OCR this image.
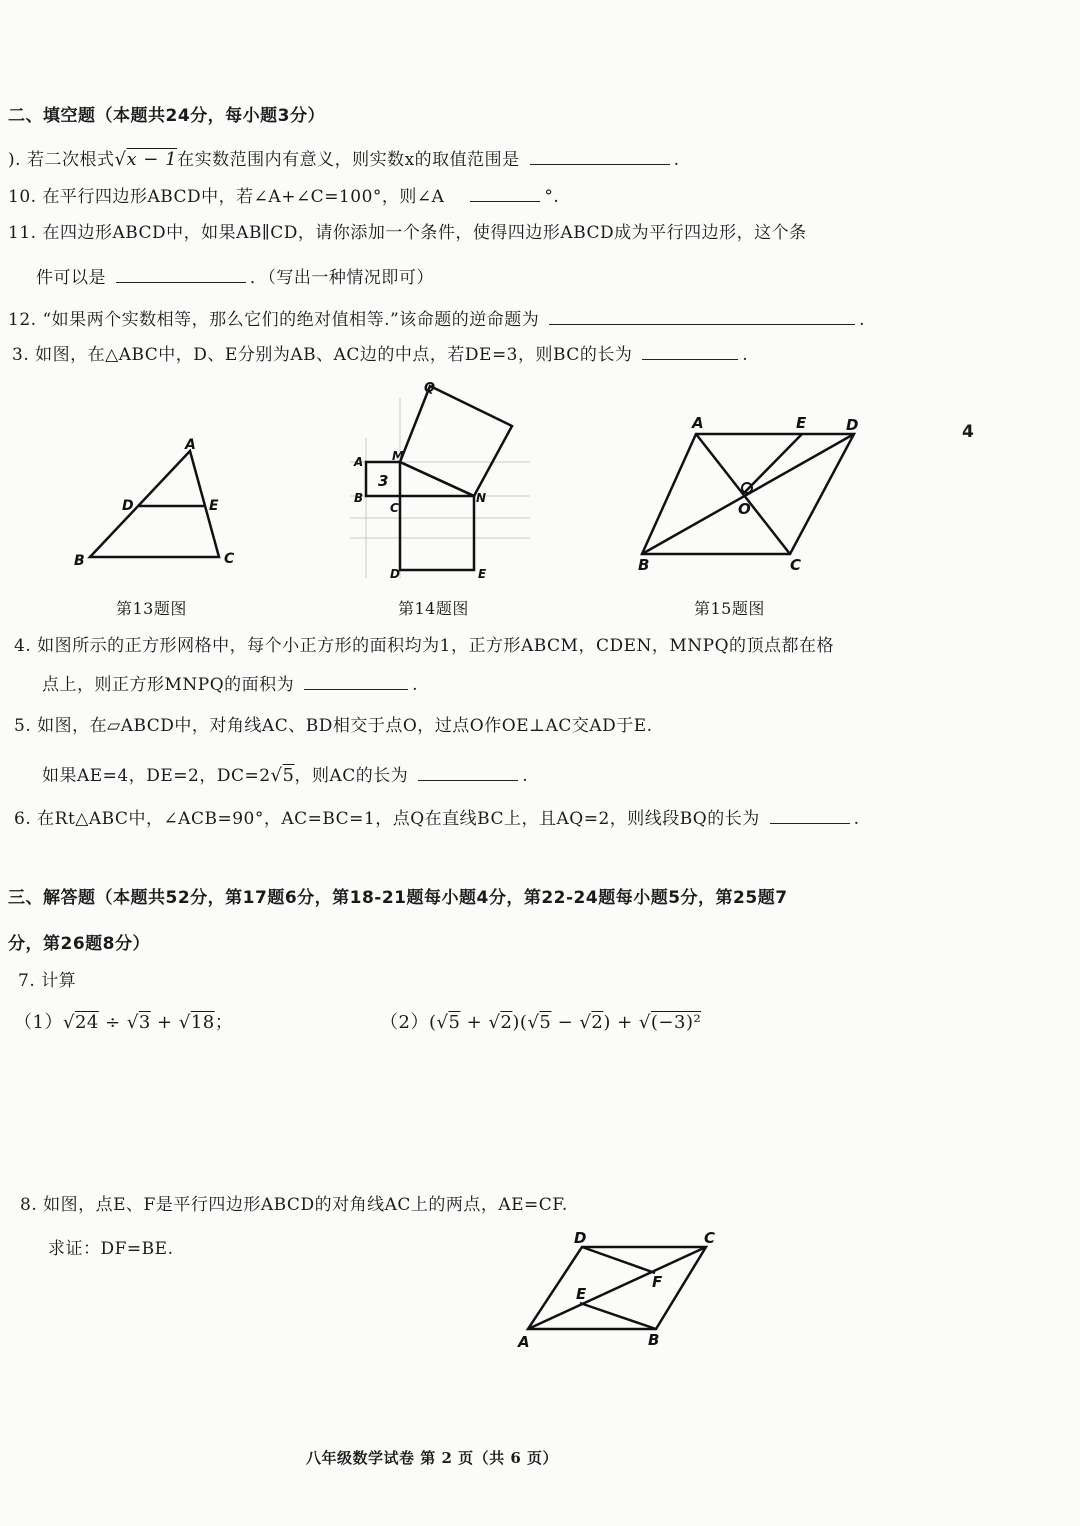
二、填空题（本题共24分，每小题3分）
). 若二次根式√x − 1在实数范围内有意义，则实数x的取值范围是	.
10. 在平行四边形ABCD中，若∠A+∠C=100°，则∠A	°.
11. 在四边形ABCD中，如果AB∥CD，请你添加一个条件，使得四边形ABCD成为平行四边形，这个条
件可以是	．（写出一种情况即可）
12. “如果两个实数相等，那么它们的绝对值相等.”该命题的逆命题为	.
3. 如图，在△ABC中，D、E分别为AB、AC边的中点，若DE=3，则BC的长为	.
A
B	C
D	E
第13题图
Q
M
N
A
B
C
D	E
3
第14题图
A	E	D
O
B	C
第15题图
4
4. 如图所示的正方形网格中，每个小正方形的面积均为1，正方形ABCM，CDEN，MNPQ的顶点都在格
点上，则正方形MNPQ的面积为	.
5. 如图，在▱ABCD中，对角线AC、BD相交于点O，过点O作OE⊥AC交AD于E.
如果AE=4，DE=2，DC=2√5，则AC的长为	.
6. 在Rt△ABC中，∠ACB=90°，AC=BC=1，点Q在直线BC上，且AQ=2，则线段BQ的长为	.
三、解答题（本题共52分，第17题6分，第18-21题每小题4分，第22-24题每小题5分，第25题7
分，第26题8分）
7. 计算
（1）√24 ÷ √3 + √18；	（2）(√5 + √2)(√5 − √2) + √(−3)²
8. 如图，点E、F是平行四边形ABCD的对角线AC上的两点，AE=CF.
求证：DF=BE.
D	C
E
F
A	B
八年级数学试卷 第 2 页（共 6 页）
